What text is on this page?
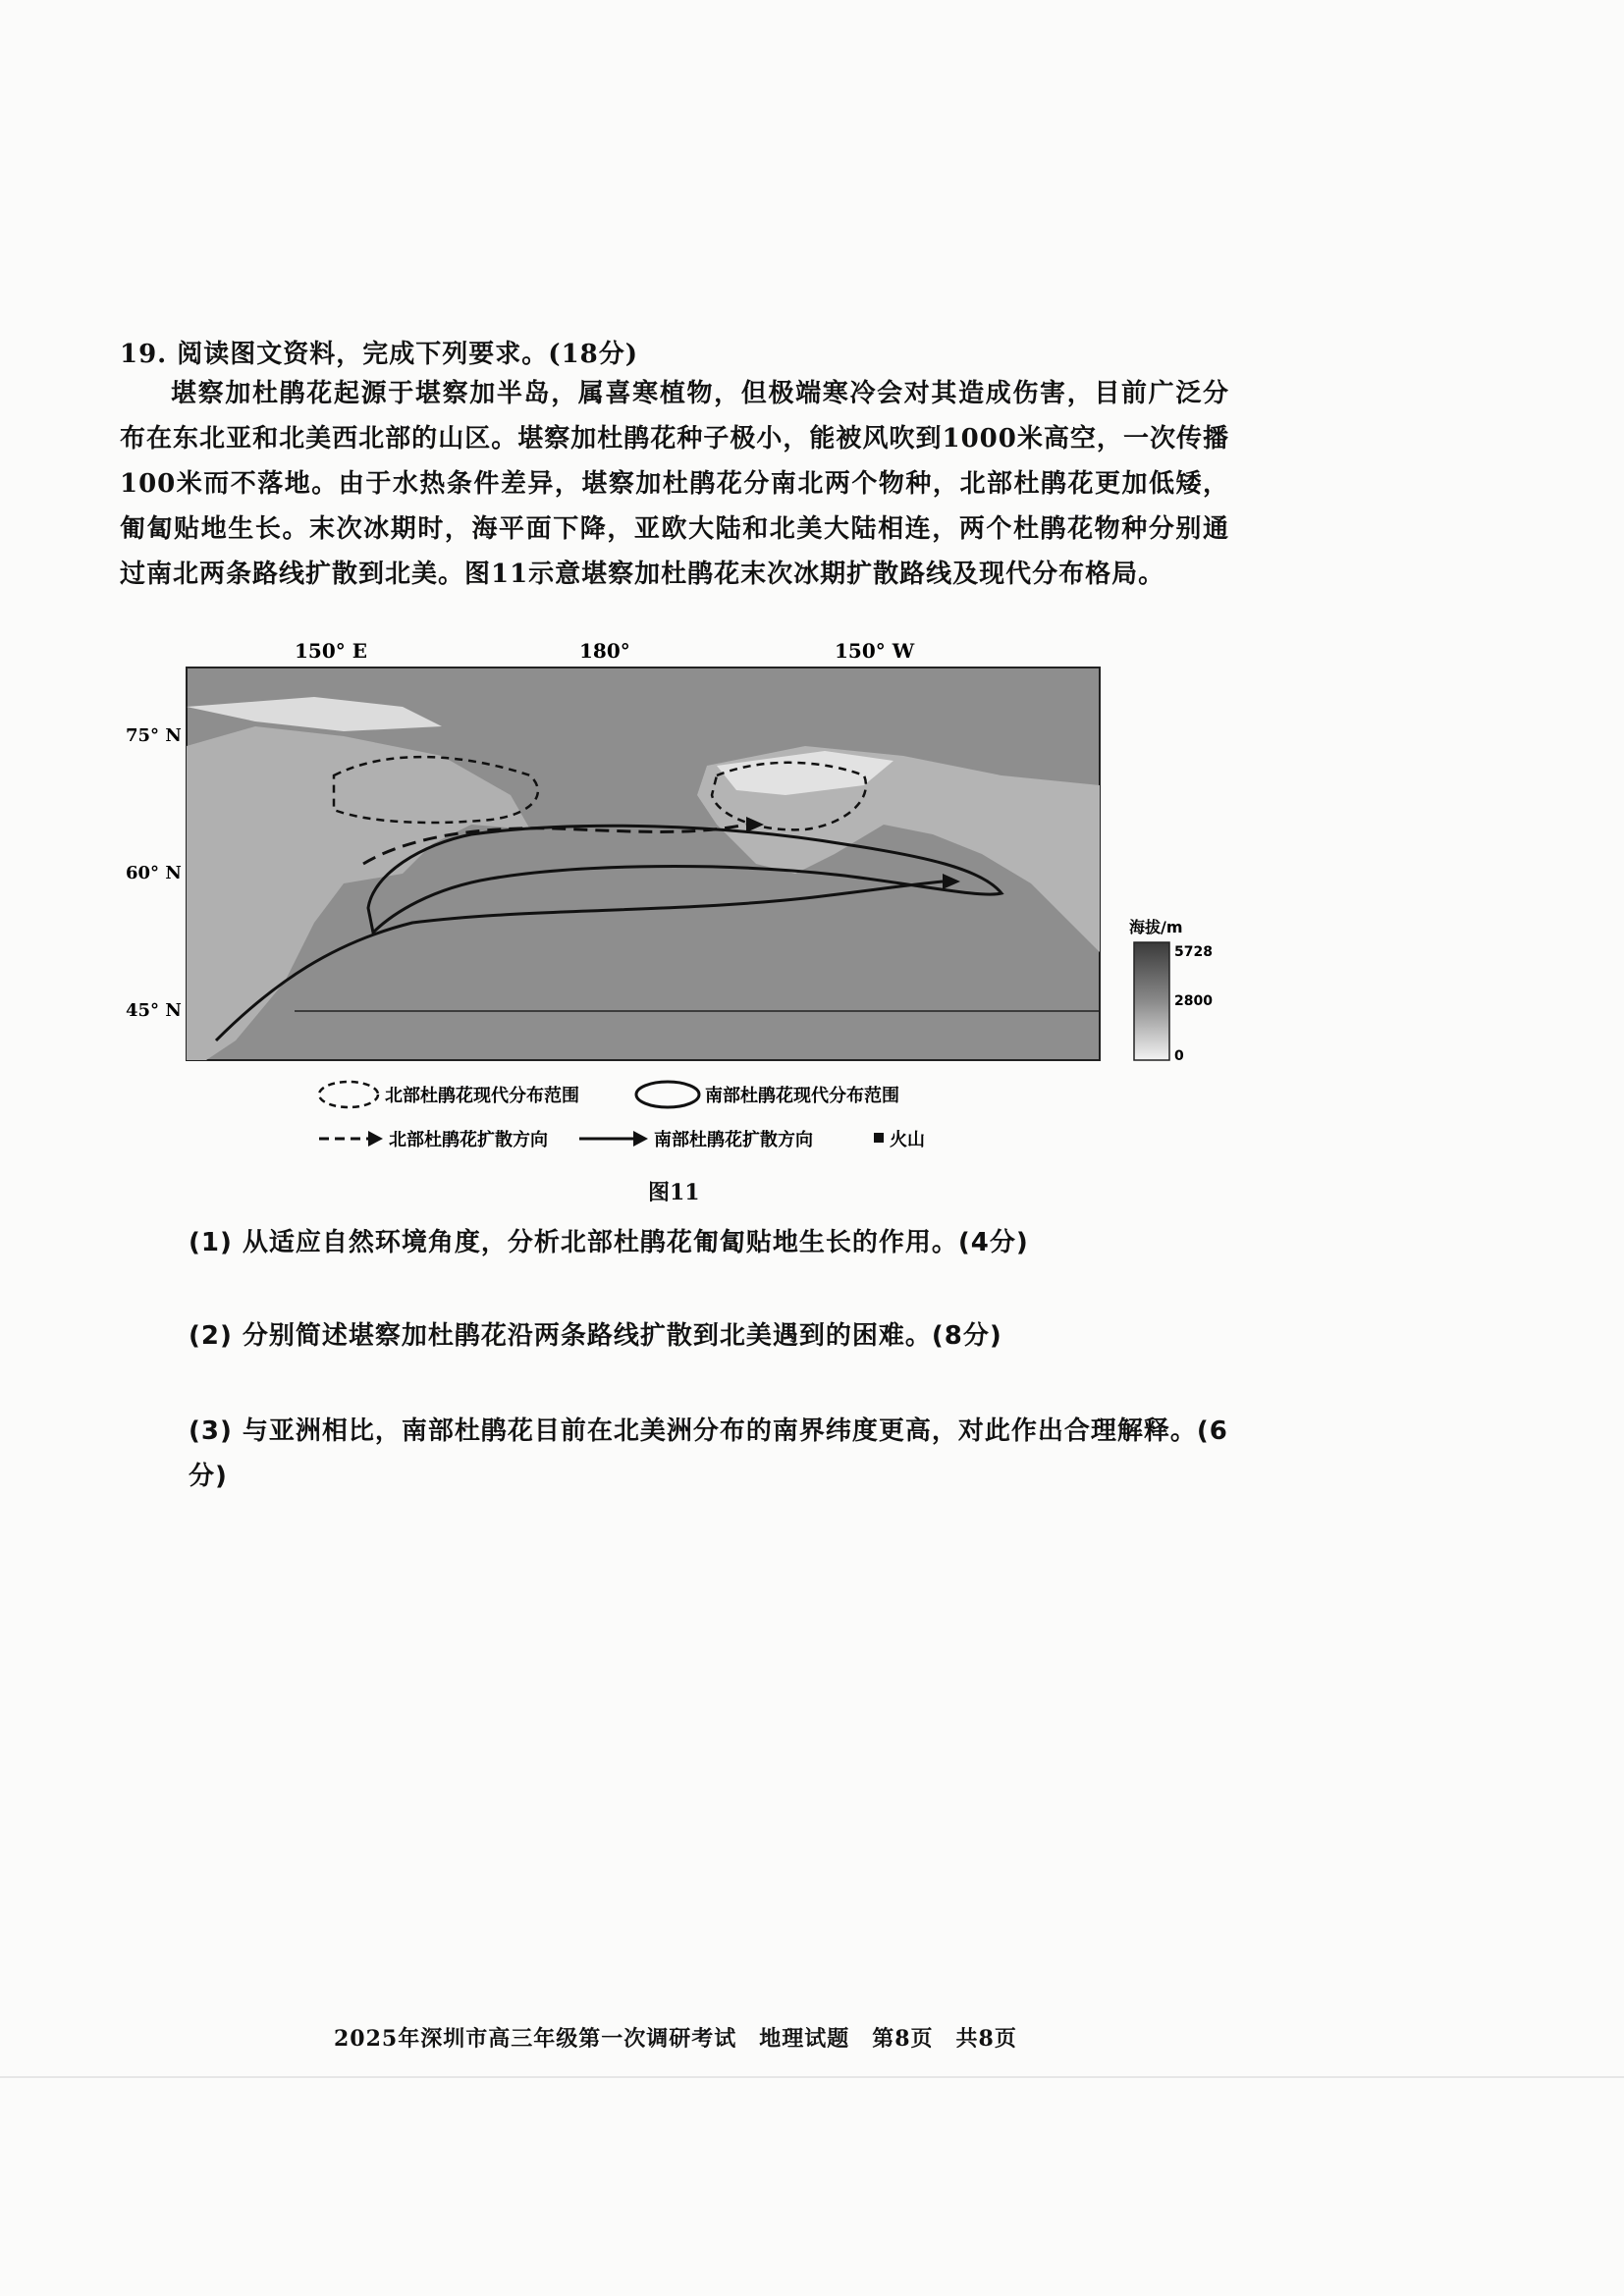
19. 阅读图文资料，完成下列要求。(18分)
堪察加杜鹃花起源于堪察加半岛，属喜寒植物，但极端寒冷会对其造成伤害，目前广泛分布在东北亚和北美西北部的山区。堪察加杜鹃花种子极小，能被风吹到1000米高空，一次传播100米而不落地。由于水热条件差异，堪察加杜鹃花分南北两个物种，北部杜鹃花更加低矮，匍匐贴地生长。末次冰期时，海平面下降，亚欧大陆和北美大陆相连，两个杜鹃花物种分别通过南北两条路线扩散到北美。图11示意堪察加杜鹃花末次冰期扩散路线及现代分布格局。
150° E	180°	150° W
75° N
60° N
45° N
海拔/m
5728
2800
0
北部杜鹃花现代分布范围	南部杜鹃花现代分布范围
北部杜鹃花扩散方向	南部杜鹃花扩散方向	火山
图11
(1) 从适应自然环境角度，分析北部杜鹃花匍匐贴地生长的作用。(4分)
(2) 分别简述堪察加杜鹃花沿两条路线扩散到北美遇到的困难。(8分)
(3) 与亚洲相比，南部杜鹃花目前在北美洲分布的南界纬度更高，对此作出合理解释。(6分)
2025年深圳市高三年级第一次调研考试　地理试题　第8页　共8页
